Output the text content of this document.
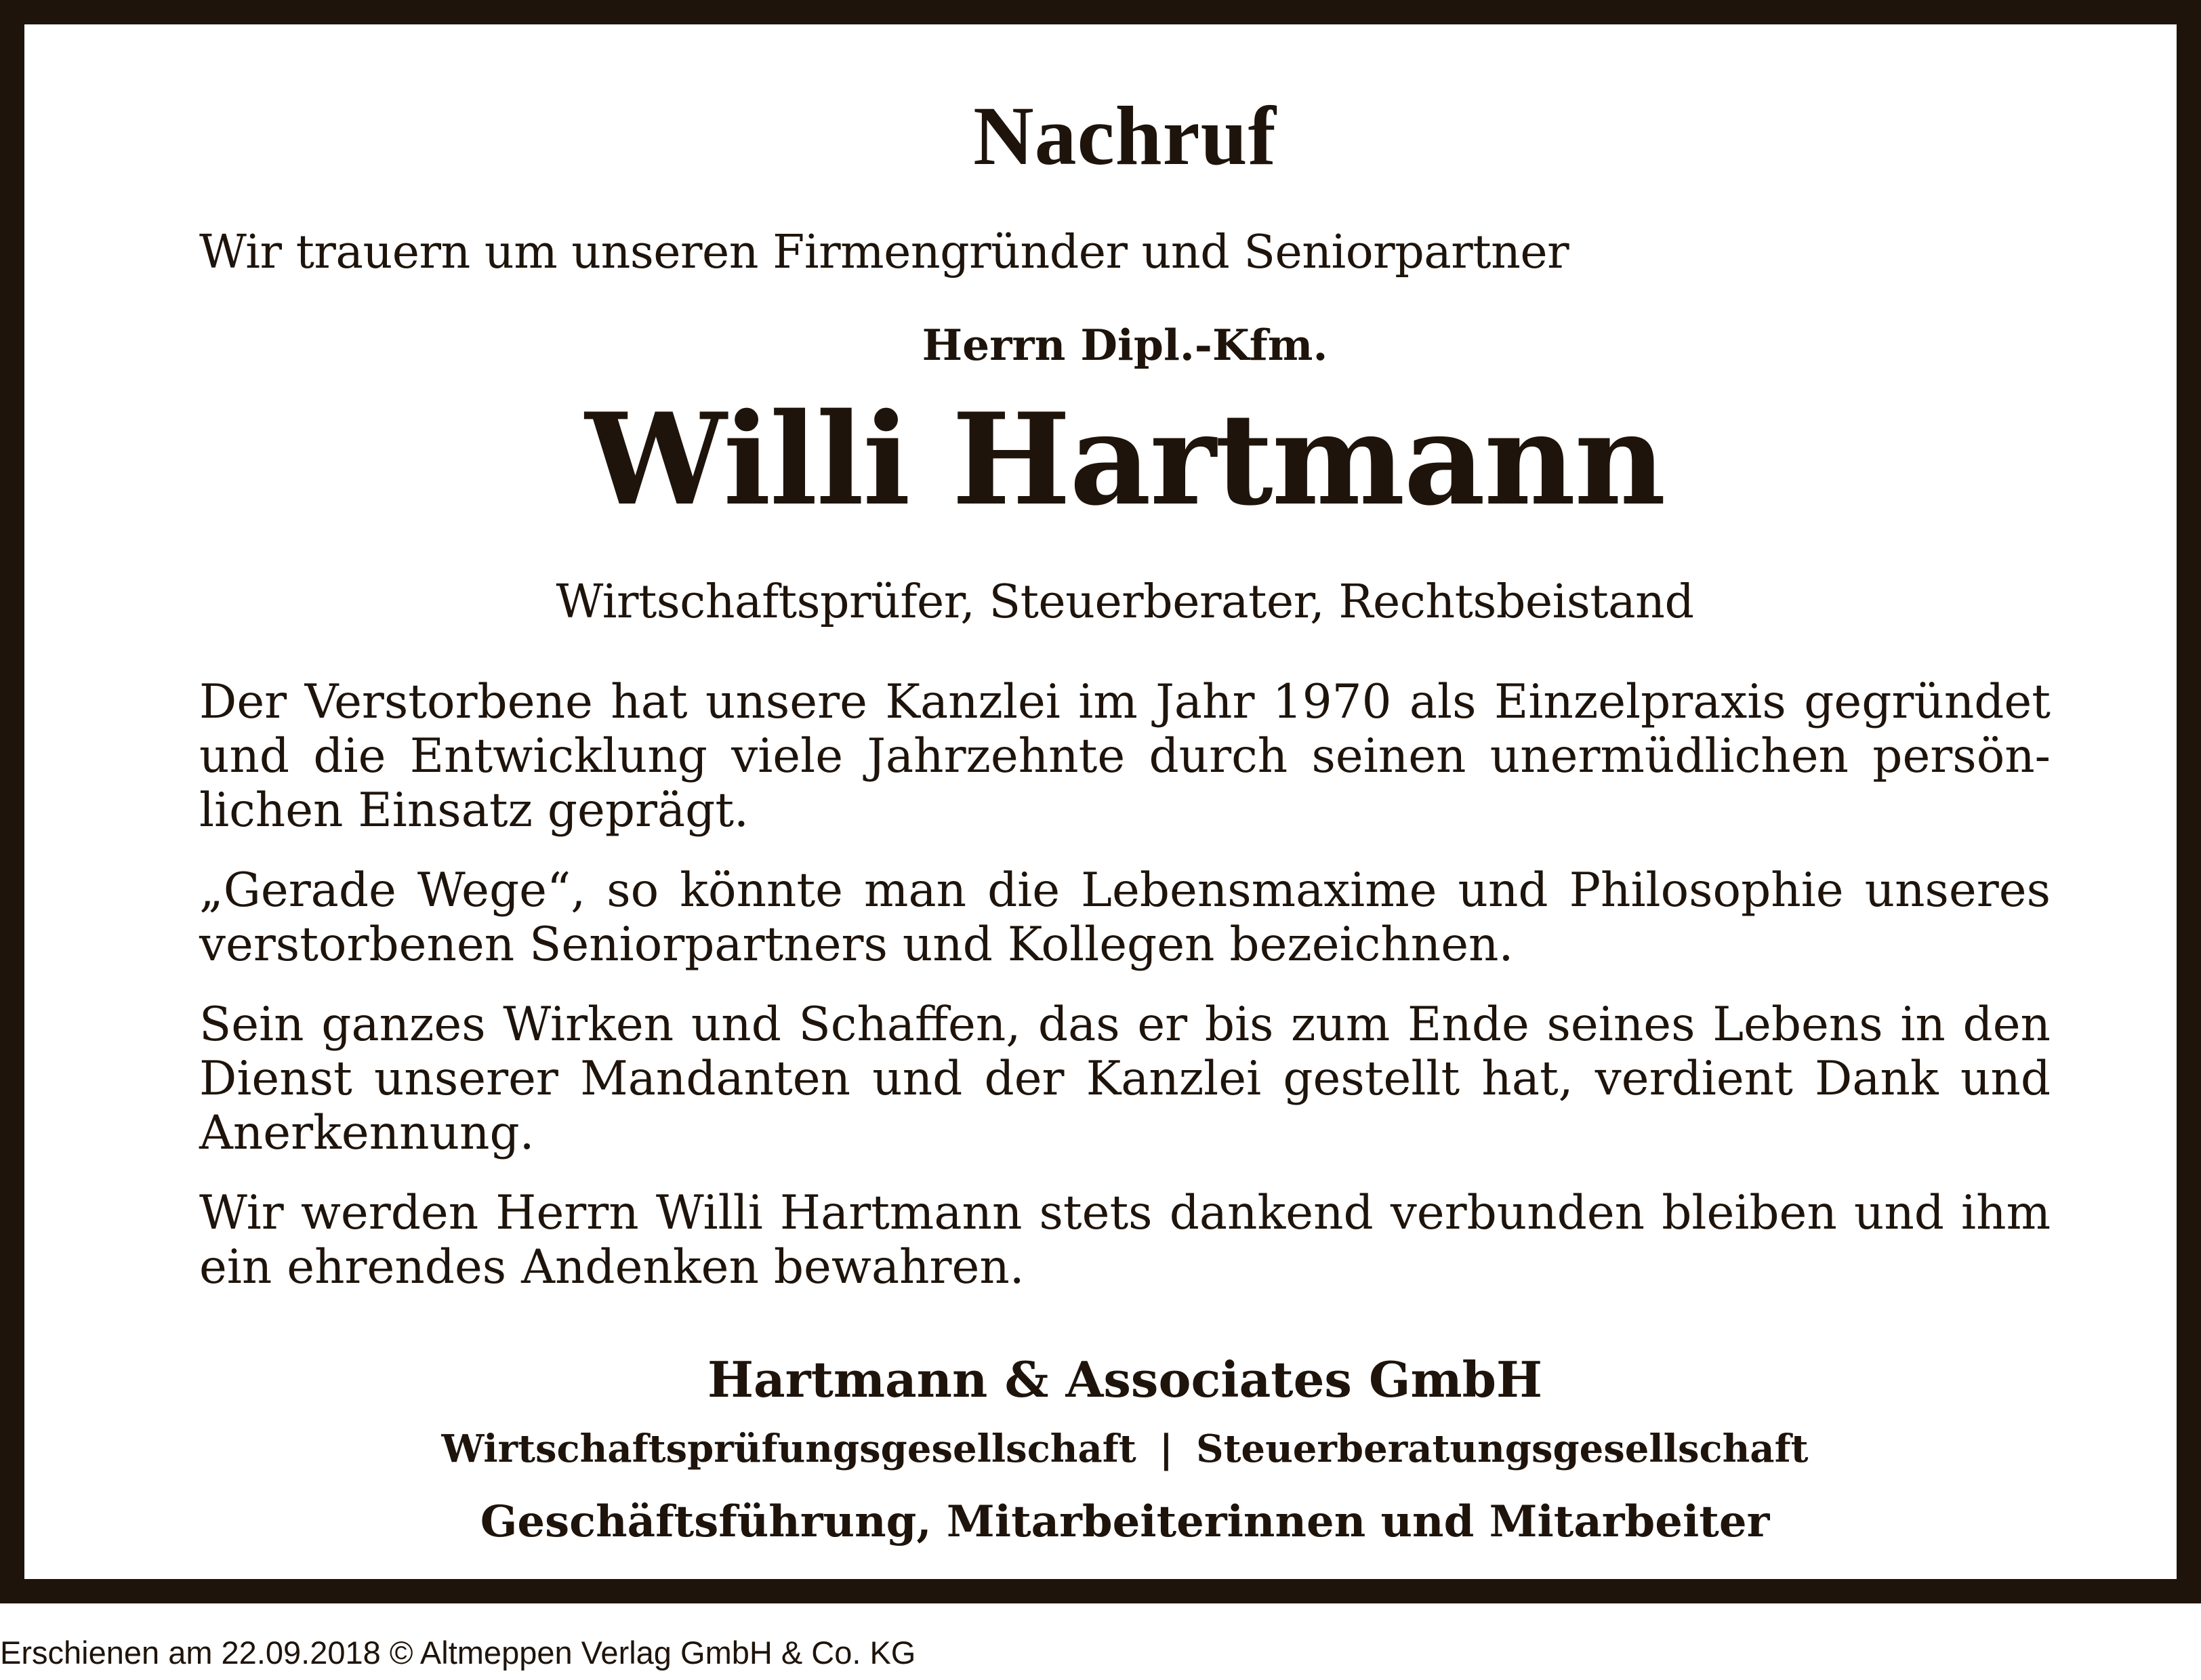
Nachruf
Wir trauern um unseren Firmengründer und Seniorpartner
Herrn Dipl.-Kfm.
Willi Hartmann
Wirtschaftsprüfer, Steuerberater, Rechtsbeistand

Der Verstorbene hat unsere Kanzlei im Jahr 1970 als Einzelpraxis gegründet und die Entwicklung viele Jahrzehnte durch seinen unermüdlichen persön-lichen Einsatz geprägt.

„Gerade Wege“, so könnte man die Lebensmaxime und Philosophie unseres verstorbenen Seniorpartners und Kollegen bezeichnen.

Sein ganzes Wirken und Schaffen, das er bis zum Ende seines Lebens in den Dienst unserer Mandanten und der Kanzlei gestellt hat, verdient Dank und Anerkennung.

Wir werden Herrn Willi Hartmann stets dankend verbunden bleiben und ihm ein ehrendes Andenken bewahren.

Hartmann & Associates GmbH
Wirtschaftsprüfungsgesellschaft | Steuerberatungsgesellschaft
Geschäftsführung, Mitarbeiterinnen und Mitarbeiter
Erschienen am 22.09.2018 © Altmeppen Verlag GmbH & Co. KG
